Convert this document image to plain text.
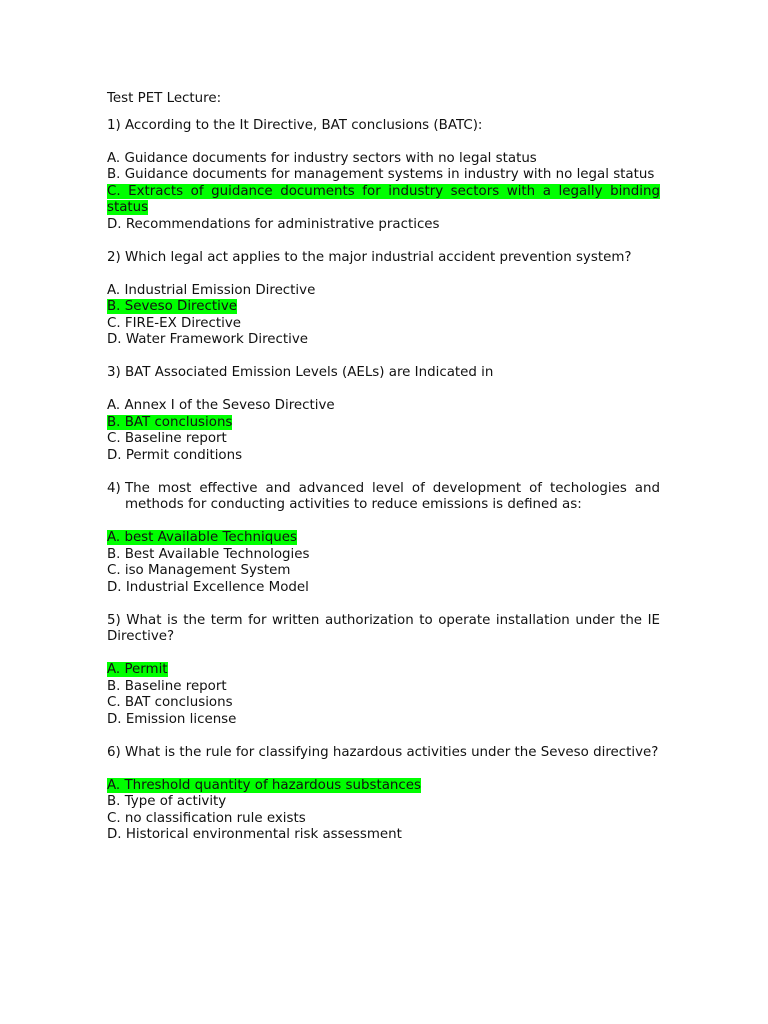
Test PET Lecture:

1) According to the It Directive, BAT conclusions (BATC):

A. Guidance documents for industry sectors with no legal status

B. Guidance documents for management systems in industry with no legal status

C. Extracts of guidance documents for industry sectors with a legally binding status

D. Recommendations for administrative practices

2) Which legal act applies to the major industrial accident prevention system?

A. Industrial Emission Directive

B. Seveso Directive

C. FIRE-EX Directive

D. Water Framework Directive

3) BAT Associated Emission Levels (AELs) are Indicated in

A. Annex I of the Seveso Directive

B. BAT conclusions

C. Baseline report

D. Permit conditions

4) The most effective and advanced level of development of techologies and methods for conducting activities to reduce emissions is defined as:

A. best Available Techniques

B. Best Available Technologies

C. iso Management System

D. Industrial Excellence Model

5) What is the term for written authorization to operate installation under the IE Directive?

A. Permit

B. Baseline report

C. BAT conclusions

D. Emission license

6) What is the rule for classifying hazardous activities under the Seveso directive?

A. Threshold quantity of hazardous substances

B. Type of activity

C. no classification rule exists

D. Historical environmental risk assessment
